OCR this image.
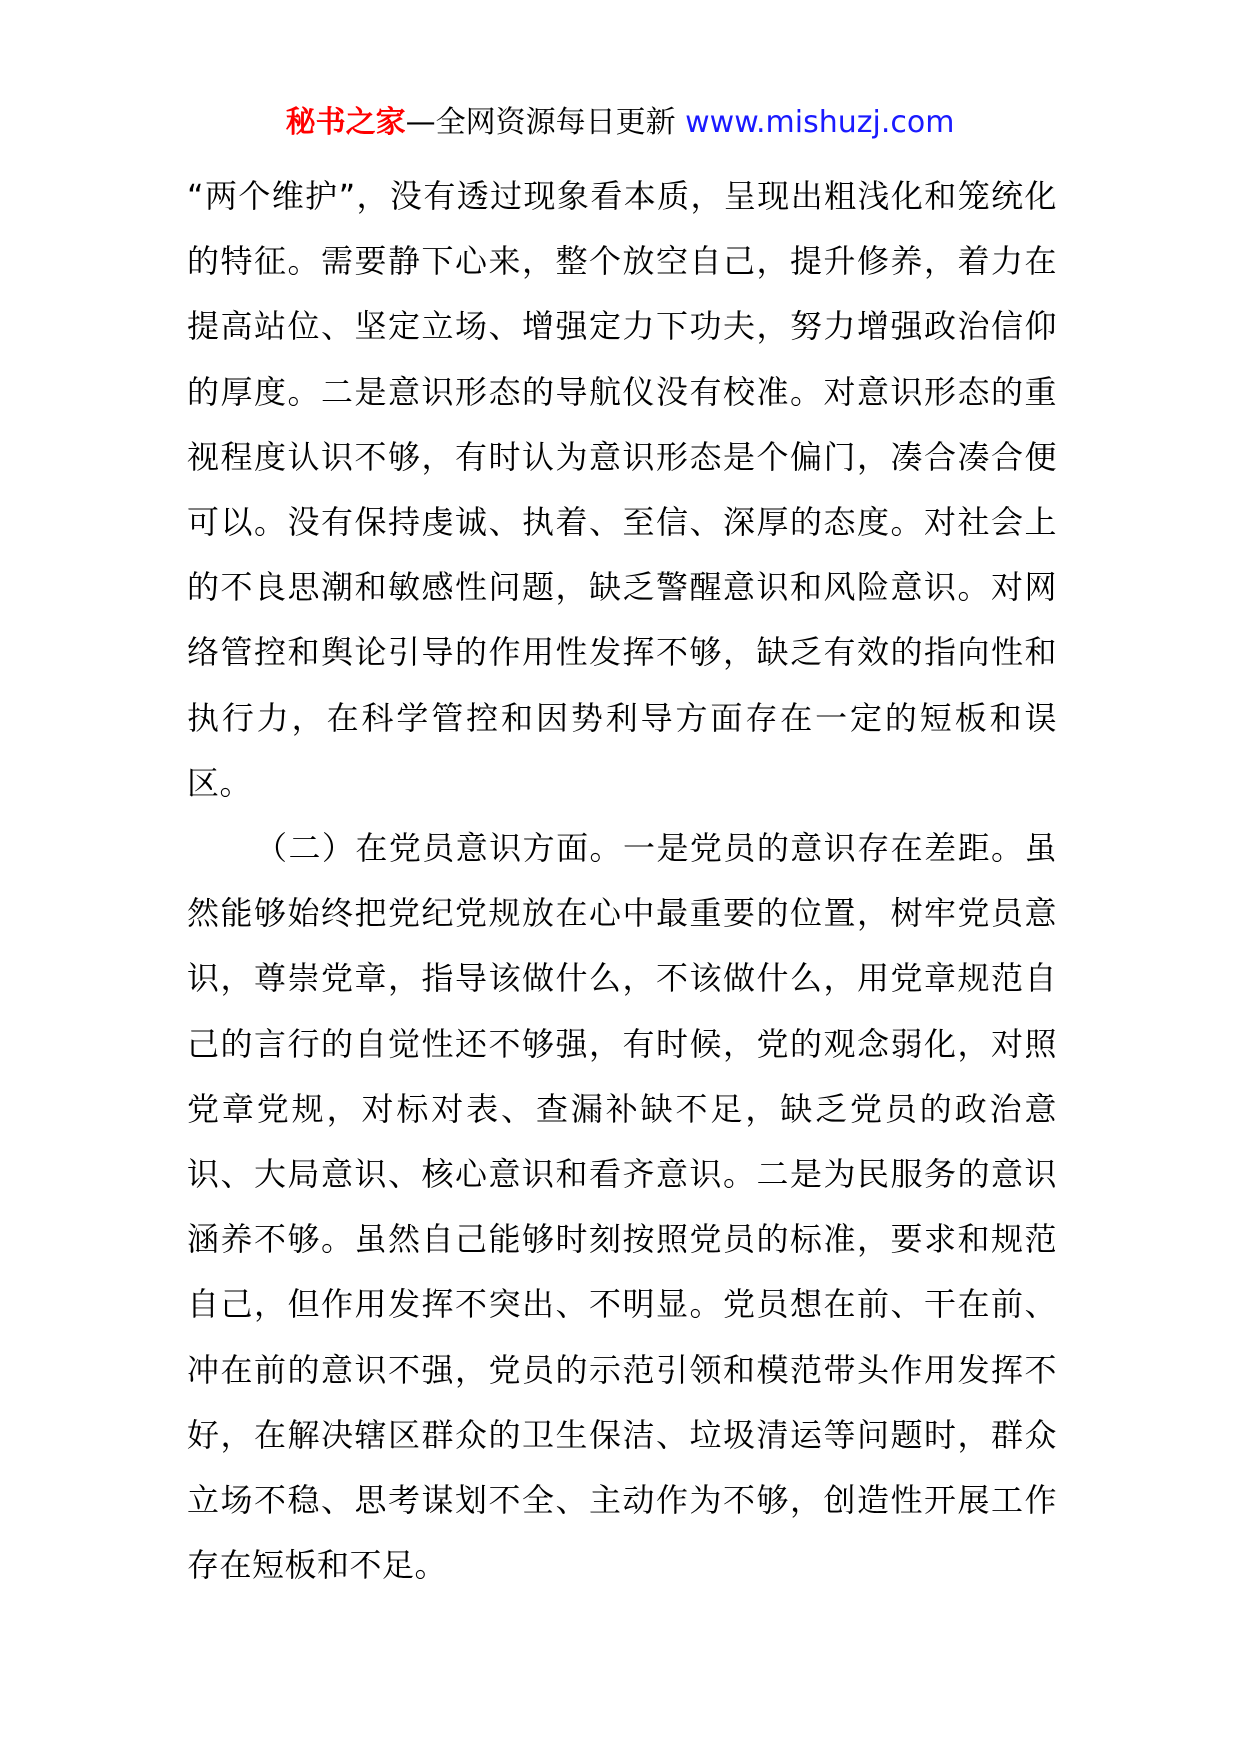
秘书之家—全网资源每日更新 www.mishuzj.com

“两个维护”，没有透过现象看本质，呈现出粗浅化和笼统化的特征。需要静下心来，整个放空自己，提升修养，着力在提高站位、坚定立场、增强定力下功夫，努力增强政治信仰的厚度。二是意识形态的导航仪没有校准。对意识形态的重视程度认识不够，有时认为意识形态是个偏门，凑合凑合便可以。没有保持虔诚、执着、至信、深厚的态度。对社会上的不良思潮和敏感性问题，缺乏警醒意识和风险意识。对网络管控和舆论引导的作用性发挥不够，缺乏有效的指向性和执行力，在科学管控和因势利导方面存在一定的短板和误区。

（二）在党员意识方面。一是党员的意识存在差距。虽然能够始终把党纪党规放在心中最重要的位置，树牢党员意识，尊崇党章，指导该做什么，不该做什么，用党章规范自己的言行的自觉性还不够强，有时候，党的观念弱化，对照党章党规，对标对表、查漏补缺不足，缺乏党员的政治意识、大局意识、核心意识和看齐意识。二是为民服务的意识涵养不够。虽然自己能够时刻按照党员的标准，要求和规范自己，但作用发挥不突出、不明显。党员想在前、干在前、冲在前的意识不强，党员的示范引领和模范带头作用发挥不好，在解决辖区群众的卫生保洁、垃圾清运等问题时，群众立场不稳、思考谋划不全、主动作为不够，创造性开展工作存在短板和不足。
